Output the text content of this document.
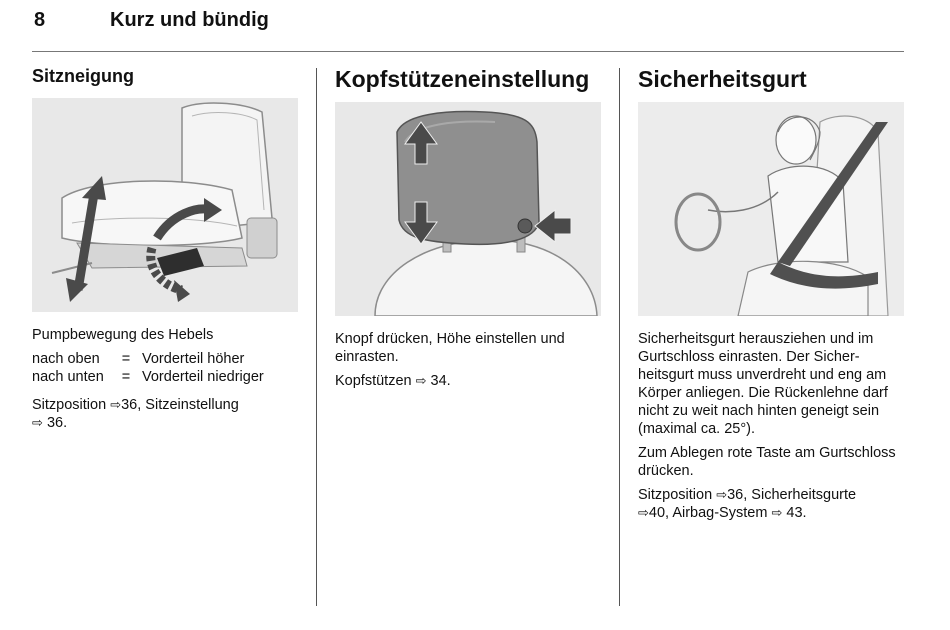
8	Kurz und bündig
Sitzneigung
Pumpbewegung des Hebels
nach oben	= Vorderteil höher
nach unten	= Vorderteil niedriger
Sitzposition ⇨36, Sitzeinstellung
⇨ 36.
Kopfstützeneinstellung
Knopf drücken, Höhe einstellen und einrasten.
Kopfstützen ⇨ 34.
Sicherheitsgurt
Sicherheitsgurt herausziehen und im Gurtschloss einrasten. Der Sicherheitsgurt muss unverdreht und eng am Körper anliegen. Die Rückenlehne darf nicht zu weit nach hinten geneigt sein (maximal ca. 25°).
Zum Ablegen rote Taste am Gurtschloss drücken.
Sitzposition ⇨36, Sicherheitsgurte
⇨40, Airbag-System ⇨ 43.
